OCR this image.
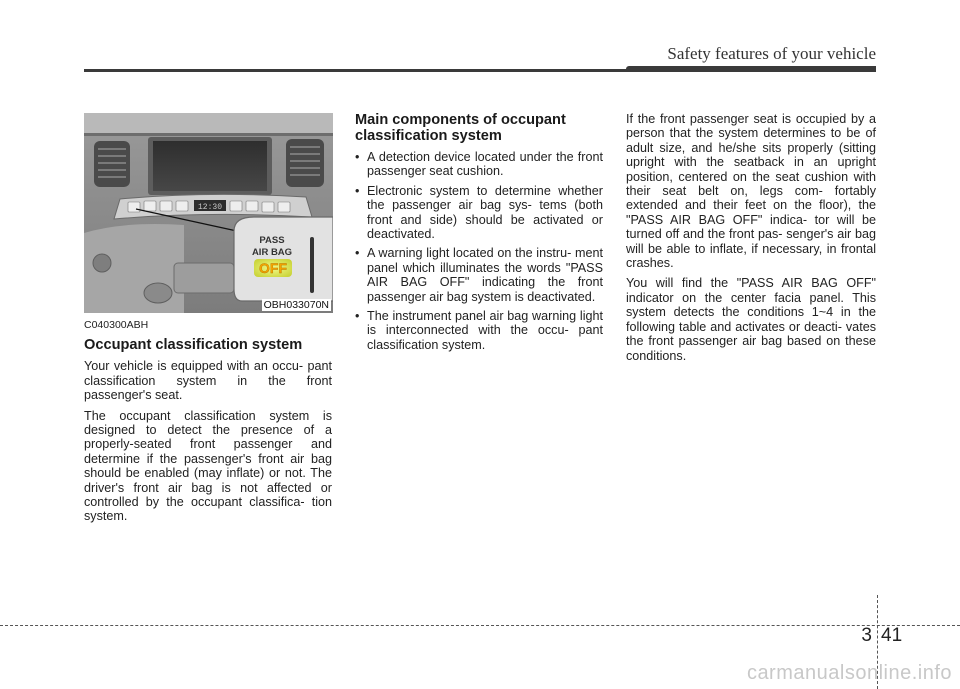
Safety features of your vehicle
12:30
PASS
AIR BAG
OFF
OBH033070N
C040300ABH
Occupant classification system

Your vehicle is equipped with an occu- pant classification system in the front passenger's seat.

The occupant classification system is designed to detect the presence of a properly-seated front passenger and determine if the passenger's front air bag should be enabled (may inflate) or not. The driver's front air bag is not affected or controlled by the occupant classifica- tion system.

Main components of occupant classification system
• A detection device located under the front passenger seat cushion.
• Electronic system to determine whether the passenger air bag sys- tems (both front and side) should be activated or deactivated.
• A warning light located on the instru- ment panel which illuminates the words "PASS AIR BAG OFF" indicating the front passenger air bag system is deactivated.
• The instrument panel air bag warning light is interconnected with the occu- pant classification system.

If the front passenger seat is occupied by a person that the system determines to be of adult size, and he/she sits properly (sitting upright with the seatback in an upright position, centered on the seat cushion with their seat belt on, legs com- fortably extended and their feet on the floor), the "PASS AIR BAG OFF" indica- tor will be turned off and the front pas- senger's air bag will be able to inflate, if necessary, in frontal crashes.

You will find the "PASS AIR BAG OFF" indicator on the center facia panel. This system detects the conditions 1~4 in the following table and activates or deacti- vates the front passenger air bag based on these conditions.

3 41
carmanualsonline.info
